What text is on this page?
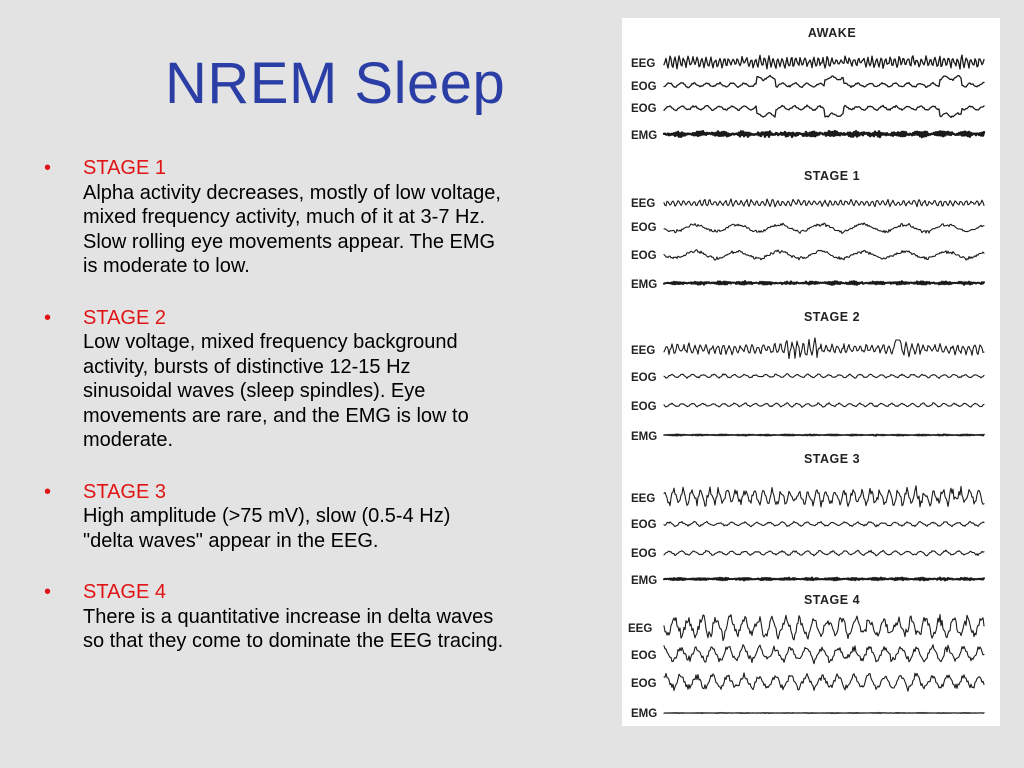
NREM Sleep
• STAGE 1
Alpha activity decreases, mostly of low voltage,
mixed frequency activity, much of it at 3-7 Hz.
Slow rolling eye movements appear. The EMG
is moderate to low.
• STAGE 2
Low voltage, mixed frequency background
activity, bursts of distinctive 12-15 Hz
sinusoidal waves (sleep spindles). Eye
movements are rare, and the EMG is low to
moderate.
• STAGE 3
High amplitude (>75 mV), slow (0.5-4 Hz)
"delta waves" appear in the EEG.
• STAGE 4
There is a quantitative increase in delta waves
so that they come to dominate the EEG tracing.
AWAKE
EEG
EOG
EOG
EMG
STAGE 1
EEG
EOG
EOG
EMG
STAGE 2
EEG
EOG
EOG
EMG
STAGE 3
EEG
EOG
EOG
EMG
STAGE 4
EEG
EOG
EOG
EMG
